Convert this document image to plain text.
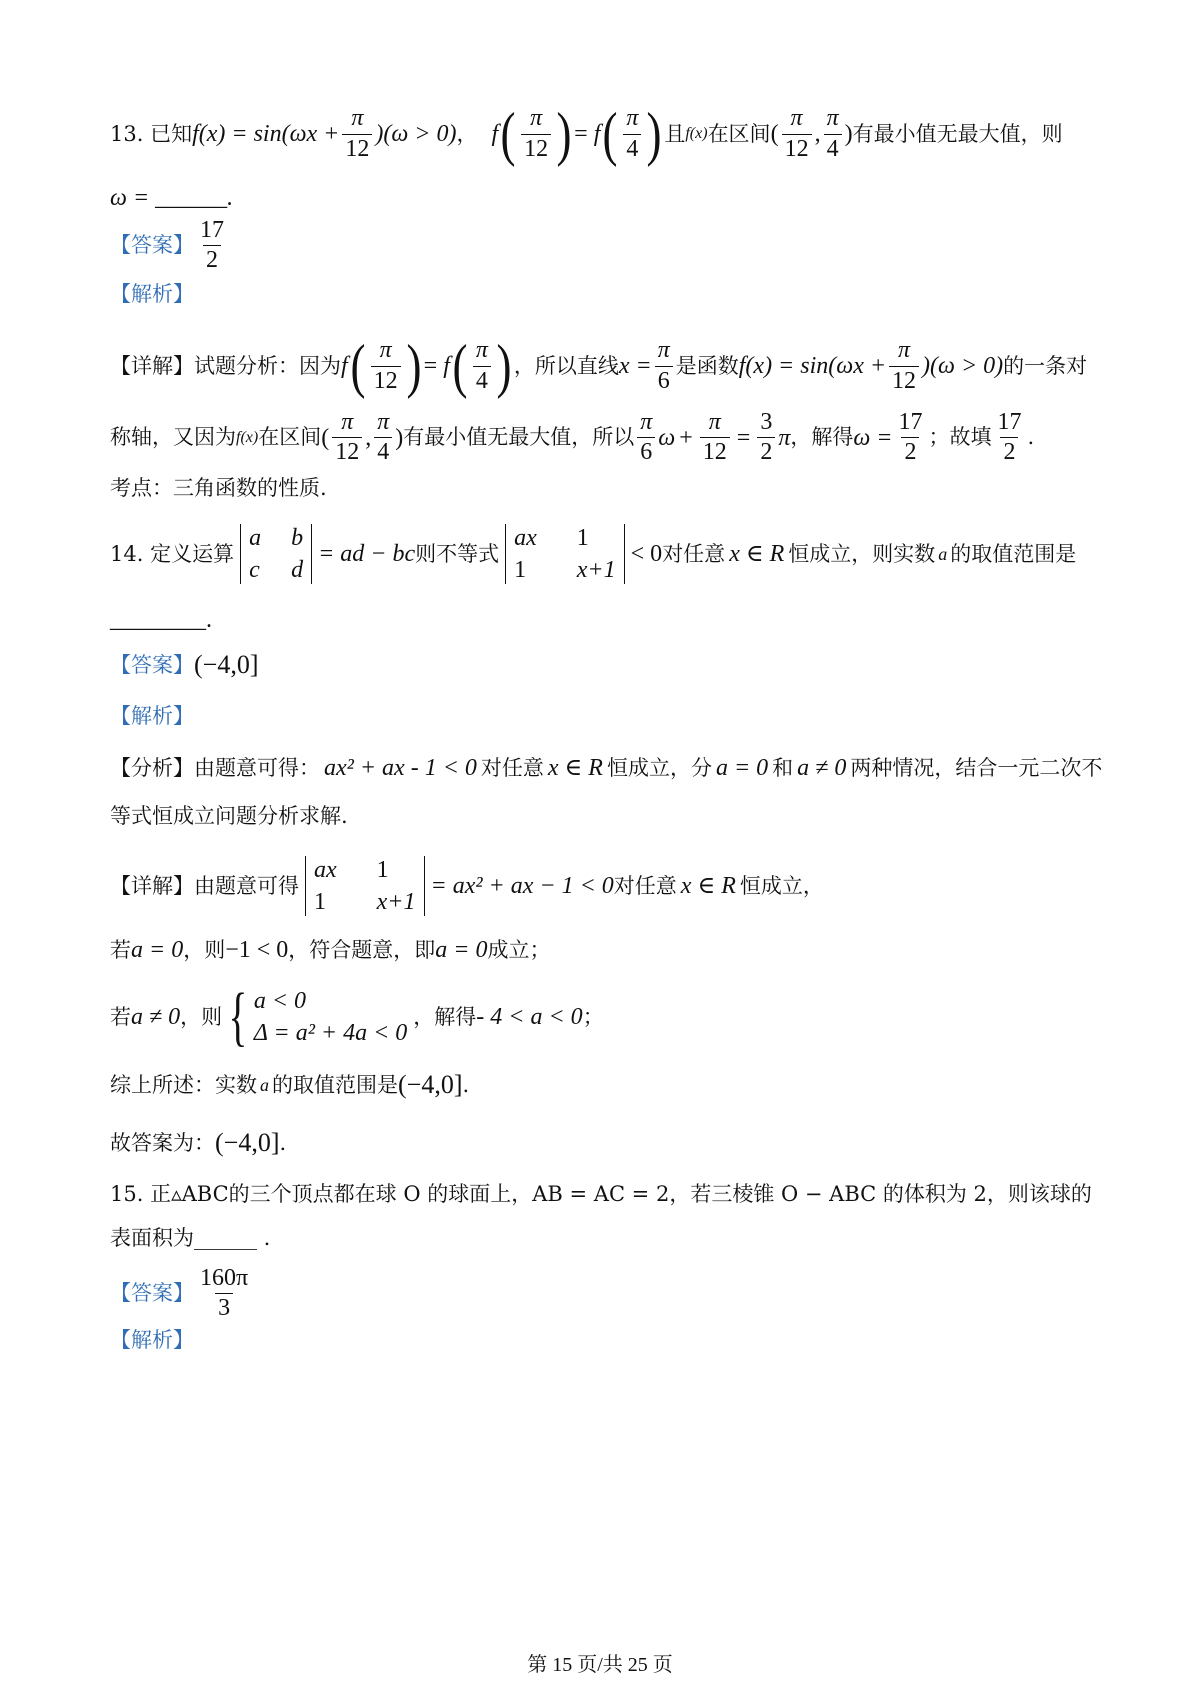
13. 已知 $f(x) = \sin(\omega x + \frac{\pi}{12} )(\omega > 0)$ ， f ( $\frac{\pi}{12}$ ) = f ( $\frac{\pi}{4}$ ) 且 f(x) 在区间 ( $\frac{\pi}{12}$ , $\frac{\pi}{4}$ ) 有最小值无最大值，则
ω = ______.
【答案】 $\frac{17}{2}$
【解析】
【详解】 试题分析：因为 f ( $\frac{\pi}{12}$ ) = f ( $\frac{\pi}{4}$ ) ，所以直线 $x = \frac{\pi}{6}$ 是函数 $f(x) = \sin(\omega x + \frac{\pi}{12} )(\omega > 0)$ 的一条对
称轴，又因为 f(x) 在区间 ( $\frac{\pi}{12}$ , $\frac{\pi}{4}$ ) 有最小值无最大值，所以 $\frac{\pi}{6}$ $\omega + \frac{\pi}{12} = \frac{3}{2}$ π ，解得 $\omega = \frac{17}{2}$ ；故填 $\frac{17}{2}$ .
考点：三角函数的性质.
14. 定义运算
a b
c d
= ad − bc 则不等式
ax 1
1	x+1
< 0 对任意 x ∈ R 恒成立，则实数 a 的取值范围是
________.
【答案】 (−4,0]
【解析】
【分析】 由题意可得： ax² + ax - 1 < 0 对任意 x ∈ R 恒成立，分 a = 0 和 a ≠ 0 两种情况，结合一元二次不
等式恒成立问题分析求解.
【详解】 由题意可得
ax 1
1	x+1
= ax² + ax − 1 < 0 对任意 x ∈ R 恒成立，
若 a = 0 ，则 −1 < 0 ，符合题意，即 a = 0 成立；
若 a ≠ 0 ，则 { a < 0
Δ = a² + 4a < 0
，解得 - 4 < a < 0 ；
综上所述：实数 a 的取值范围是 (−4,0] .
故答案为： (−4,0] .
15. 正▵ABC的三个顶点都在球 O 的球面上，AB = AC = 2，若三棱锥 O − ABC 的体积为 2，则该球的
表面积为______ .
【答案】 $\frac{160\pi}{3}$
【解析】
第 15 页/共 25 页
